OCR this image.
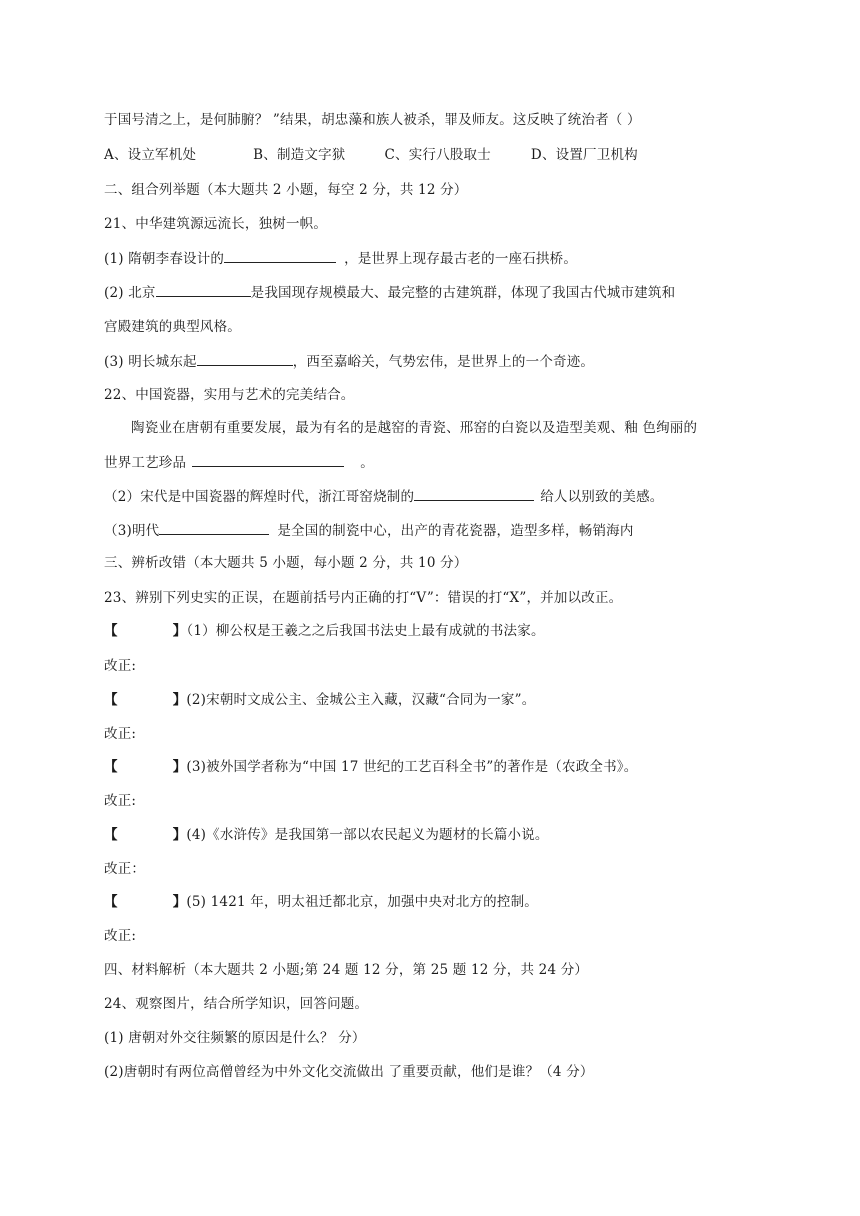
于国号清之上，是何肺腑？ ”结果，胡忠藻和族人被杀，罪及师友。这反映了统治者（ ）
A、设立军机处	B、制造文字狱	C、实行八股取士	D、设置厂卫机构
二、组合列举题（本大题共 2 小题，每空 2 分，共 12 分）
21、中华建筑源远流长，独树一帜。
(1) 隋朝李春设计的	，是世界上现存最古老的一座石拱桥。
(2) 北京	是我国现存规模最大、最完整的古建筑群，体现了我国古代城市建筑和
宫殿建筑的典型风格。
(3) 明长城东起	，西至嘉峪关，气势宏伟，是世界上的一个奇迹。
22、中国瓷器，实用与艺术的完美结合。
陶瓷业在唐朝有重要发展，最为有名的是越窑的青瓷、邢窑的白瓷以及造型美观、釉 色绚丽的
世界工艺珍品	。
（2）宋代是中国瓷器的辉煌时代，浙江哥窑烧制的	给人以别致的美感。
（3)明代	是全国的制瓷中心，出产的青花瓷器，造型多样，畅销海内
三、辨析改错（本大题共 5 小题，每小题 2 分，共 10 分）
23、辨别下列史实的正误，在题前括号内正确的打“V”：错误的打“X”，并加以改正。
【	】（1）柳公权是王羲之之后我国书法史上最有成就的书法家。
改正:
【	】(2)宋朝时文成公主、金城公主入藏，汉藏“合同为一家”。
改正:
【	】(3)被外国学者称为“中国 17 世纪的工艺百科全书”的著作是（农政全书》。
改正:
【	】(4)《水浒传》是我国第一部以农民起义为题材的长篇小说。
改正：
【	】(5) 1421 年，明太祖迁都北京，加强中央对北方的控制。
改正:
四、材料解析（本大题共 2 小题;第 24 题 12 分，第 25 题 12 分，共 24 分）
24、观察图片，结合所学知识，回答问题。
(1) 唐朝对外交往频繁的原因是什么？ 分）
(2)唐朝时有两位高僧曾经为中外文化交流做出 了重要贡献，他们是谁？（4 分）
